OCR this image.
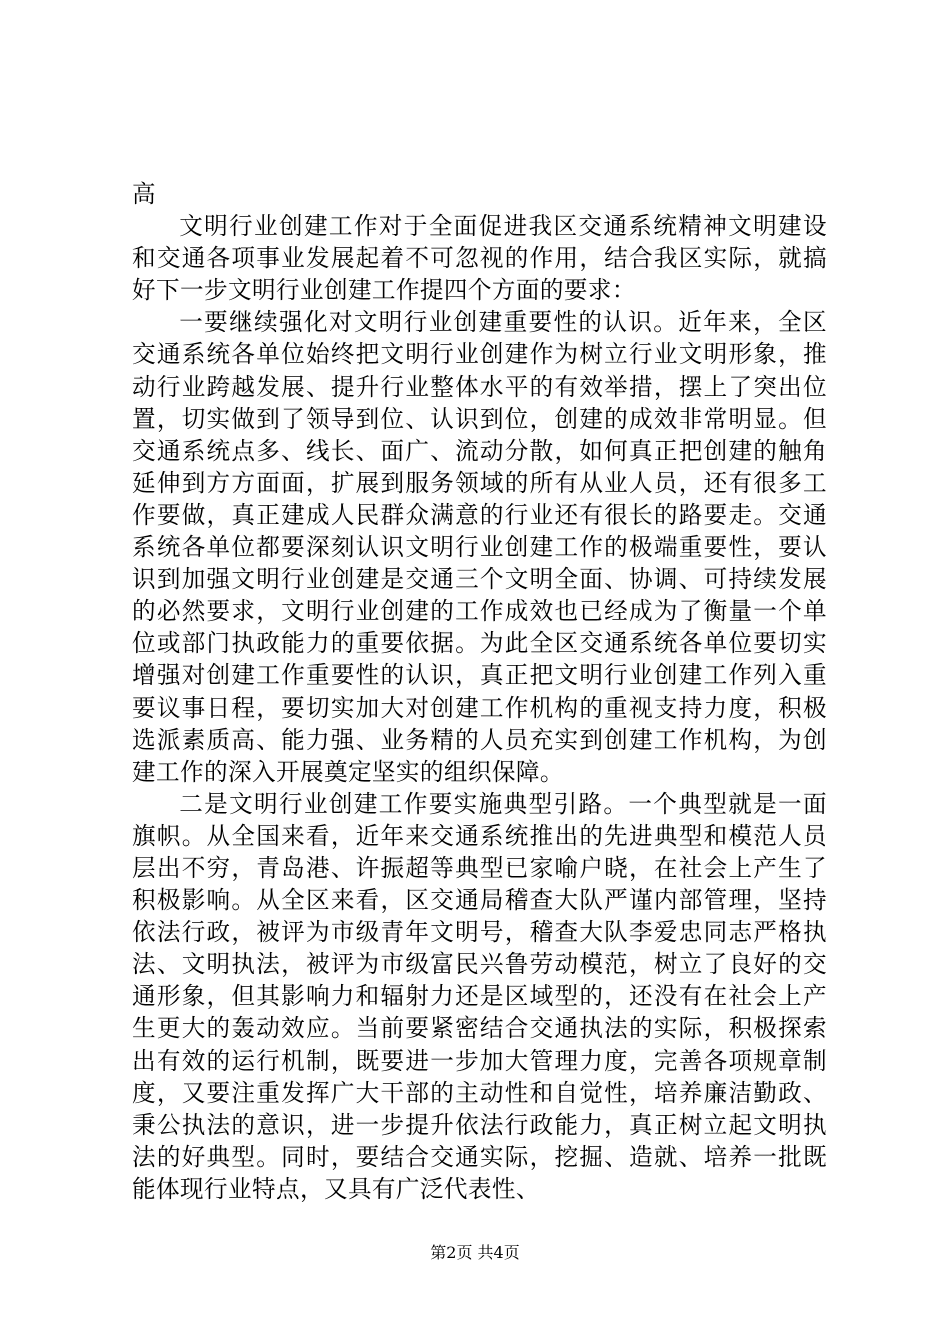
高

文明行业创建工作对于全面促进我区交通系统精神文明建设和交通各项事业发展起着不可忽视的作用，结合我区实际，就搞好下一步文明行业创建工作提四个方面的要求：

一要继续强化对文明行业创建重要性的认识。近年来，全区交通系统各单位始终把文明行业创建作为树立行业文明形象，推动行业跨越发展、提升行业整体水平的有效举措，摆上了突出位置，切实做到了领导到位、认识到位，创建的成效非常明显。但交通系统点多、线长、面广、流动分散，如何真正把创建的触角延伸到方方面面，扩展到服务领域的所有从业人员，还有很多工作要做，真正建成人民群众满意的行业还有很长的路要走。交通系统各单位都要深刻认识文明行业创建工作的极端重要性，要认识到加强文明行业创建是交通三个文明全面、协调、可持续发展的必然要求，文明行业创建的工作成效也已经成为了衡量一个单位或部门执政能力的重要依据。为此全区交通系统各单位要切实增强对创建工作重要性的认识，真正把文明行业创建工作列入重要议事日程，要切实加大对创建工作机构的重视支持力度，积极选派素质高、能力强、业务精的人员充实到创建工作机构，为创建工作的深入开展奠定坚实的组织保障。

二是文明行业创建工作要实施典型引路。一个典型就是一面旗帜。从全国来看，近年来交通系统推出的先进典型和模范人员层出不穷，青岛港、许振超等典型已家喻户晓，在社会上产生了积极影响。从全区来看，区交通局稽查大队严谨内部管理，坚持依法行政，被评为市级青年文明号，稽查大队李爱忠同志严格执法、文明执法，被评为市级富民兴鲁劳动模范，树立了良好的交通形象，但其影响力和辐射力还是区域型的，还没有在社会上产生更大的轰动效应。当前要紧密结合交通执法的实际，积极探索出有效的运行机制，既要进一步加大管理力度，完善各项规章制度，又要注重发挥广大干部的主动性和自觉性，培养廉洁勤政、秉公执法的意识，进一步提升依法行政能力，真正树立起文明执法的好典型。同时，要结合交通实际，挖掘、造就、培养一批既能体现行业特点，又具有广泛代表性、

第2页 共4页
